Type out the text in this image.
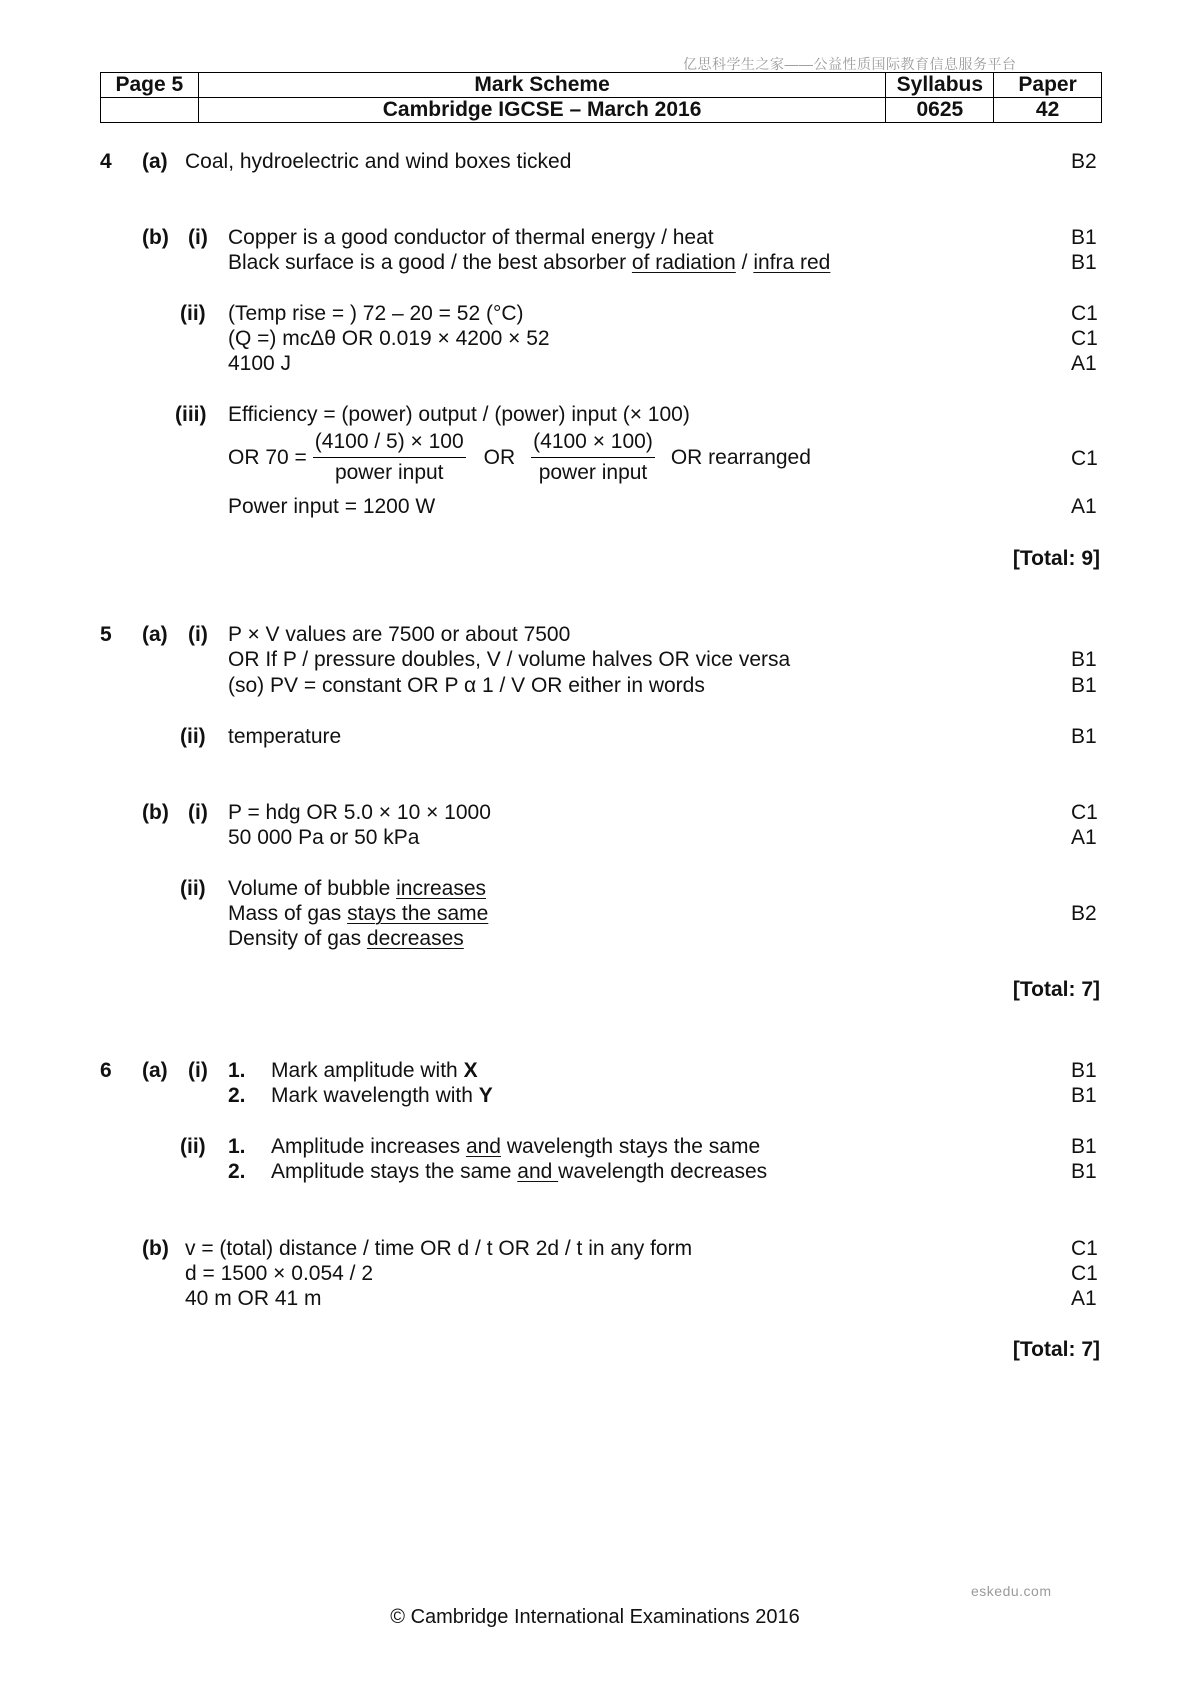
亿思科学生之家——公益性质国际教育信息服务平台
Page 5	Mark Scheme	Syllabus	Paper
	Cambridge IGCSE – March 2016	0625	42
4 (a) Coal, hydroelectric and wind boxes ticked	B2
(b) (i) Copper is a good conductor of thermal energy / heat	B1
Black surface is a good / the best absorber of radiation / infra red	B1
(ii) (Temp rise = ) 72 – 20 = 52 (°C)	C1
(Q =) mcΔθ OR 0.019 × 4200 × 52	C1
4100 J	A1
(iii) Efficiency = (power) output / (power) input (× 100)
OR $70 = \frac{(4100 / 5) \times 100}{\text{power input}}$ OR $\frac{(4100 \times 100)}{\text{power input}}$ OR rearranged	C1
Power input = 1200 W	A1
[Total: 9]
5 (a) (i) P × V values are 7500 or about 7500
OR If P / pressure doubles, V / volume halves OR vice versa	B1
(so) PV = constant OR P α 1 / V OR either in words	B1
(ii) temperature	B1
(b) (i) P = hdg OR 5.0 × 10 × 1000	C1
50 000 Pa or 50 kPa	A1
(ii) Volume of bubble increases
Mass of gas stays the same	B2
Density of gas decreases
[Total: 7]
6 (a) (i) 1. Mark amplitude with X	B1
2. Mark wavelength with Y	B1
(ii) 1. Amplitude increases and wavelength stays the same	B1
2. Amplitude stays the same and wavelength decreases	B1
(b) v = (total) distance / time OR d / t OR 2d / t in any form	C1
d = 1500 × 0.054 / 2	C1
40 m OR 41 m	A1
[Total: 7]
eskedu.com
© Cambridge International Examinations 2016
